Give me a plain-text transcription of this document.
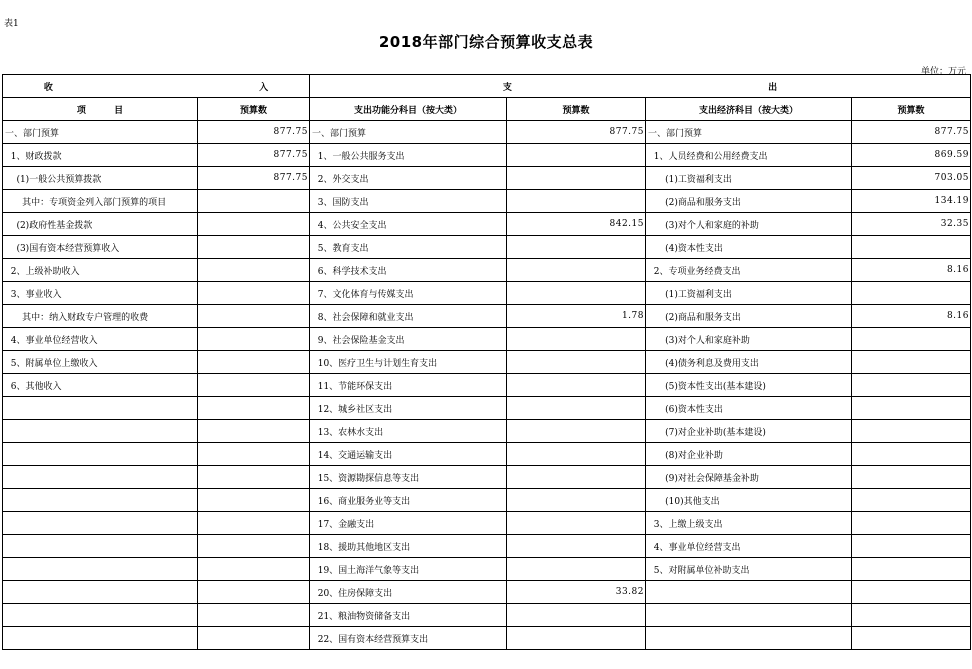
表1
2018年部门综合预算收支总表
单位：万元
收 入		支 出			
项 目	预算数	支出功能分科目（按大类）	预算数	支出经济科目（按大类）	预算数
一、部门预算	877.75	一、部门预算	877.75	一、部门预算	877.75
1、财政拨款	877.75	1、一般公共服务支出		1、人员经费和公用经费支出	869.59
(1)一般公共预算拨款	877.75	2、外交支出		(1)工资福利支出	703.05
其中：专项资金列入部门预算的项目		3、国防支出		(2)商品和服务支出	134.19
(2)政府性基金拨款		4、公共安全支出	842.15	(3)对个人和家庭的补助	32.35
(3)国有资本经营预算收入		5、教育支出		(4)资本性支出	
2、上级补助收入		6、科学技术支出		2、专项业务经费支出	8.16
3、事业收入		7、文化体育与传媒支出		(1)工资福利支出	
其中：纳入财政专户管理的收费		8、社会保障和就业支出	1.78	(2)商品和服务支出	8.16
4、事业单位经营收入		9、社会保险基金支出		(3)对个人和家庭补助	
5、附属单位上缴收入		10、医疗卫生与计划生育支出		(4)债务利息及费用支出	
6、其他收入		11、节能环保支出		(5)资本性支出(基本建设)	
		12、城乡社区支出		(6)资本性支出	
		13、农林水支出		(7)对企业补助(基本建设)	
		14、交通运输支出		(8)对企业补助	
		15、资源勘探信息等支出		(9)对社会保障基金补助	
		16、商业服务业等支出		(10)其他支出	
		17、金融支出		3、上缴上级支出	
		18、援助其他地区支出		4、事业单位经营支出	
		19、国土海洋气象等支出		5、对附属单位补助支出	
		20、住房保障支出	33.82		
		21、粮油物资储备支出			
		22、国有资本经营预算支出			
